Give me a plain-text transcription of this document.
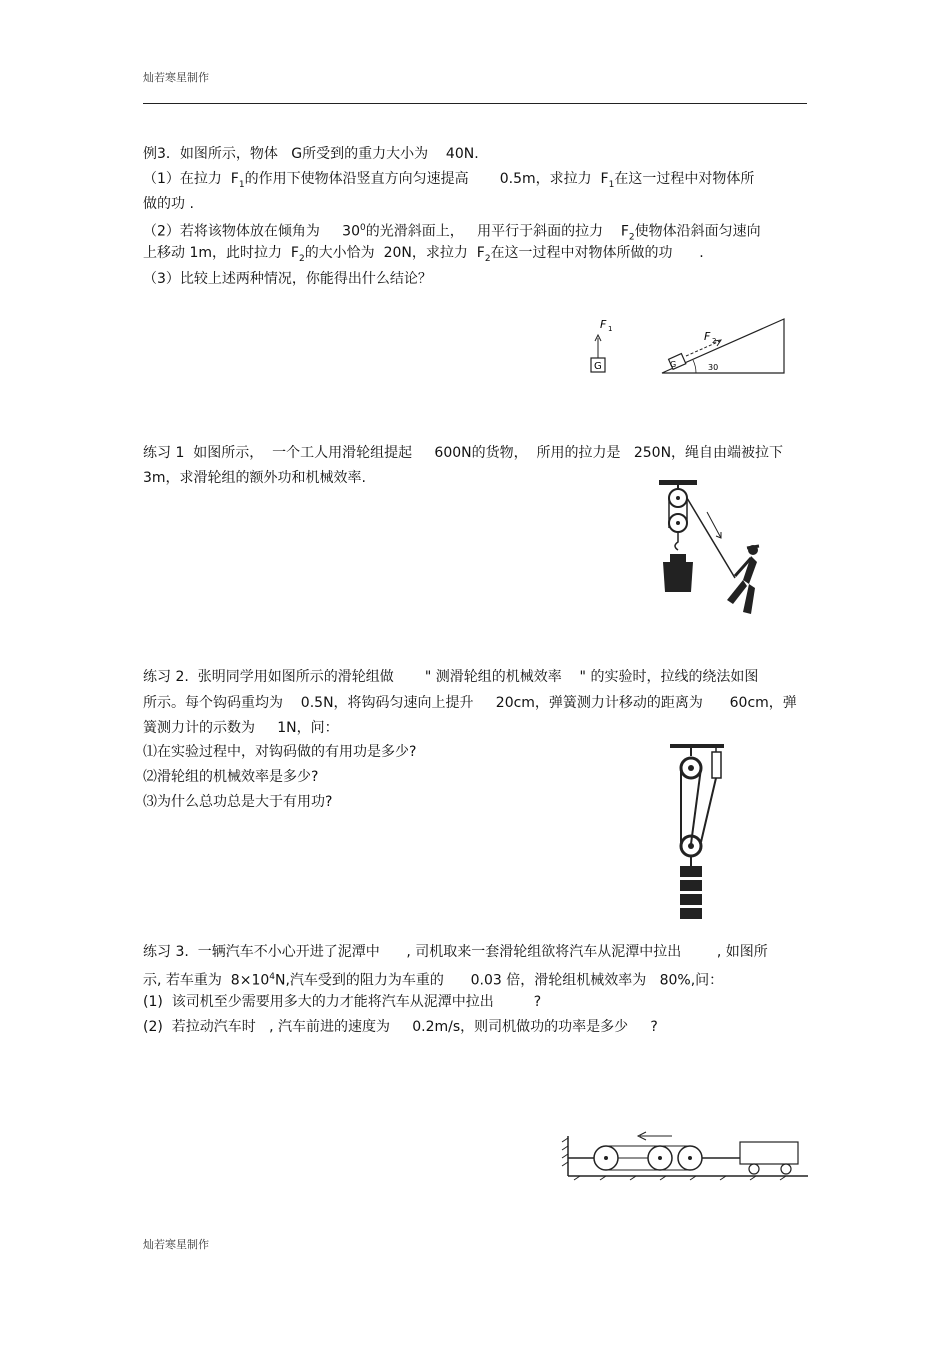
灿若寒星制作
例3．如图所示，物体   G所受到的重力大小为    40N.
（1）在拉力  $F_1$的作用下使物体沿竖直方向匀速提高       0.5m，求拉力  $F_1$在这一过程中对物体所
做的功 .
（2）若将该物体放在倾角为     $30^0$的光滑斜面上，   用平行于斜面的拉力    $F_2$使物体沿斜面匀速向
上移动 1m，此时拉力  $F_2$的大小恰为  20N，求拉力  $F_2$在这一过程中对物体所做的功      .
（3）比较上述两种情况，你能得出什么结论？
F 1
G	G
F 2
30
练习 1  如图所示，  一个工人用滑轮组提起     600N的货物，  所用的拉力是   250N，绳自由端被拉下
3m，求滑轮组的额外功和机械效率.
练习 2.  张明同学用如图所示的滑轮组做       " 测滑轮组的机械效率    " 的实验时，拉线的绕法如图
所示。每个钩码重均为    0.5N，将钩码匀速向上提升     20cm，弹簧测力计移动的距离为      60cm，弹
簧测力计的示数为     1N，问：
⑴在实验过程中，对钩码做的有用功是多少?
⑵滑轮组的机械效率是多少?
⑶为什么总功总是大于有用功?
练习 3.  一辆汽车不小心开进了泥潭中      , 司机取来一套滑轮组欲将汽车从泥潭中拉出        , 如图所
示, 若车重为  $8\times 10^4N$,汽车受到的阻力为车重的      0.03 倍，滑轮组机械效率为   80%,问：
(1)  该司机至少需要用多大的力才能将汽车从泥潭中拉出         ?
(2)  若拉动汽车时   , 汽车前进的速度为     0.2m/s，则司机做功的功率是多少     ?
灿若寒星制作
